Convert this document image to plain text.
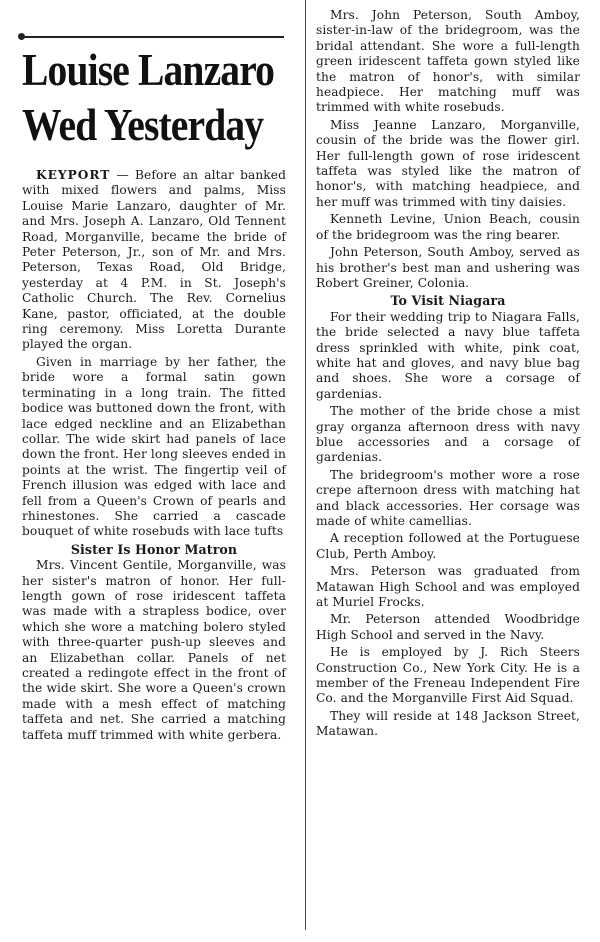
Louise Lanzaro
Wed Yesterday

KEYPORT — Before an altar banked with mixed flowers and palms, Miss Louise Marie Lanzaro, daughter of Mr. and Mrs. Joseph A. Lanzaro, Old Tennent Road, Morganville, became the bride of Peter Peterson, Jr., son of Mr. and Mrs. Peterson, Texas Road, Old Bridge, yesterday at 4 P.M. in St. Joseph's Catholic Church. The Rev. Cornelius Kane, pastor, officiated, at the double ring ceremony. Miss Loretta Durante played the organ.

Given in marriage by her father, the bride wore a formal satin gown terminating in a long train. The fitted bodice was buttoned down the front, with lace edged neckline and an Elizabethan collar. The wide skirt had panels of lace down the front. Her long sleeves ended in points at the wrist. The fingertip veil of French illusion was edged with lace and fell from a Queen's Crown of pearls and rhinestones. She carried a cascade bouquet of white rosebuds with lace tufts

Sister Is Honor Matron

Mrs. Vincent Gentile, Morganville, was her sister's matron of honor. Her full-length gown of rose iridescent taffeta was made with a strapless bodice, over which she wore a matching bolero styled with three-quarter push-up sleeves and an Elizabethan collar. Panels of net created a redingote effect in the front of the wide skirt. She wore a Queen's crown made with a mesh effect of matching taffeta and net. She carried a matching taffeta muff trimmed with white gerbera.

Mrs. John Peterson, South Amboy, sister-in-law of the bridegroom, was the bridal attendant. She wore a full-length green iridescent taffeta gown styled like the matron of honor's, with similar headpiece. Her matching muff was trimmed with white rosebuds.

Miss Jeanne Lanzaro, Morganville, cousin of the bride was the flower girl. Her full-length gown of rose iridescent taffeta was styled like the matron of honor's, with matching headpiece, and her muff was trimmed with tiny daisies.

Kenneth Levine, Union Beach, cousin of the bridegroom was the ring bearer.

John Peterson, South Amboy, served as his brother's best man and ushering was Robert Greiner, Colonia.

To Visit Niagara

For their wedding trip to Niagara Falls, the bride selected a navy blue taffeta dress sprinkled with white, pink coat, white hat and gloves, and navy blue bag and shoes. She wore a corsage of gardenias.

The mother of the bride chose a mist gray organza afternoon dress with navy blue accessories and a corsage of gardenias.

The bridegroom's mother wore a rose crepe afternoon dress with matching hat and black accessories. Her corsage was made of white camellias.

A reception followed at the Portuguese Club, Perth Amboy.

Mrs. Peterson was graduated from Matawan High School and was employed at Muriel Frocks.

Mr. Peterson attended Woodbridge High School and served in the Navy.

He is employed by J. Rich Steers Construction Co., New York City. He is a member of the Freneau Independent Fire Co. and the Morganville First Aid Squad.

They will reside at 148 Jackson Street, Matawan.
